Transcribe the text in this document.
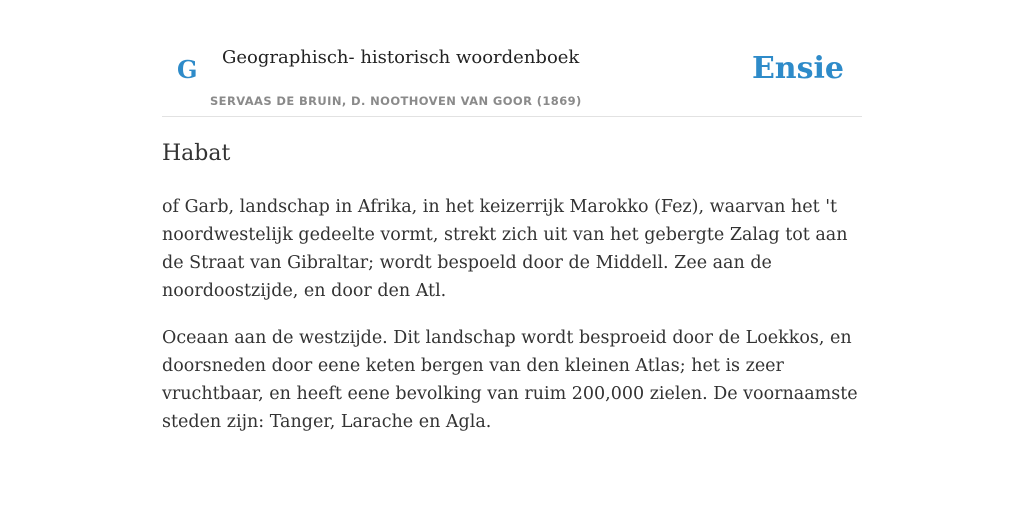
G Geographisch- historisch woordenboek
SERVAAS DE BRUIN, D. NOOTHOVEN VAN GOOR (1869)
Ensie
Habat

of Garb, landschap in Afrika, in het keizerrijk Marokko (Fez), waarvan het 't noordwestelijk gedeelte vormt, strekt zich uit van het gebergte Zalag tot aan de Straat van Gibraltar; wordt bespoeld door de Middell. Zee aan de noordoostzijde, en door den Atl.

Oceaan aan de westzijde. Dit landschap wordt besproeid door de Loekkos, en doorsneden door eene keten bergen van den kleinen Atlas; het is zeer vruchtbaar, en heeft eene bevolking van ruim 200,000 zielen. De voornaamste steden zijn: Tanger, Larache en Agla.
